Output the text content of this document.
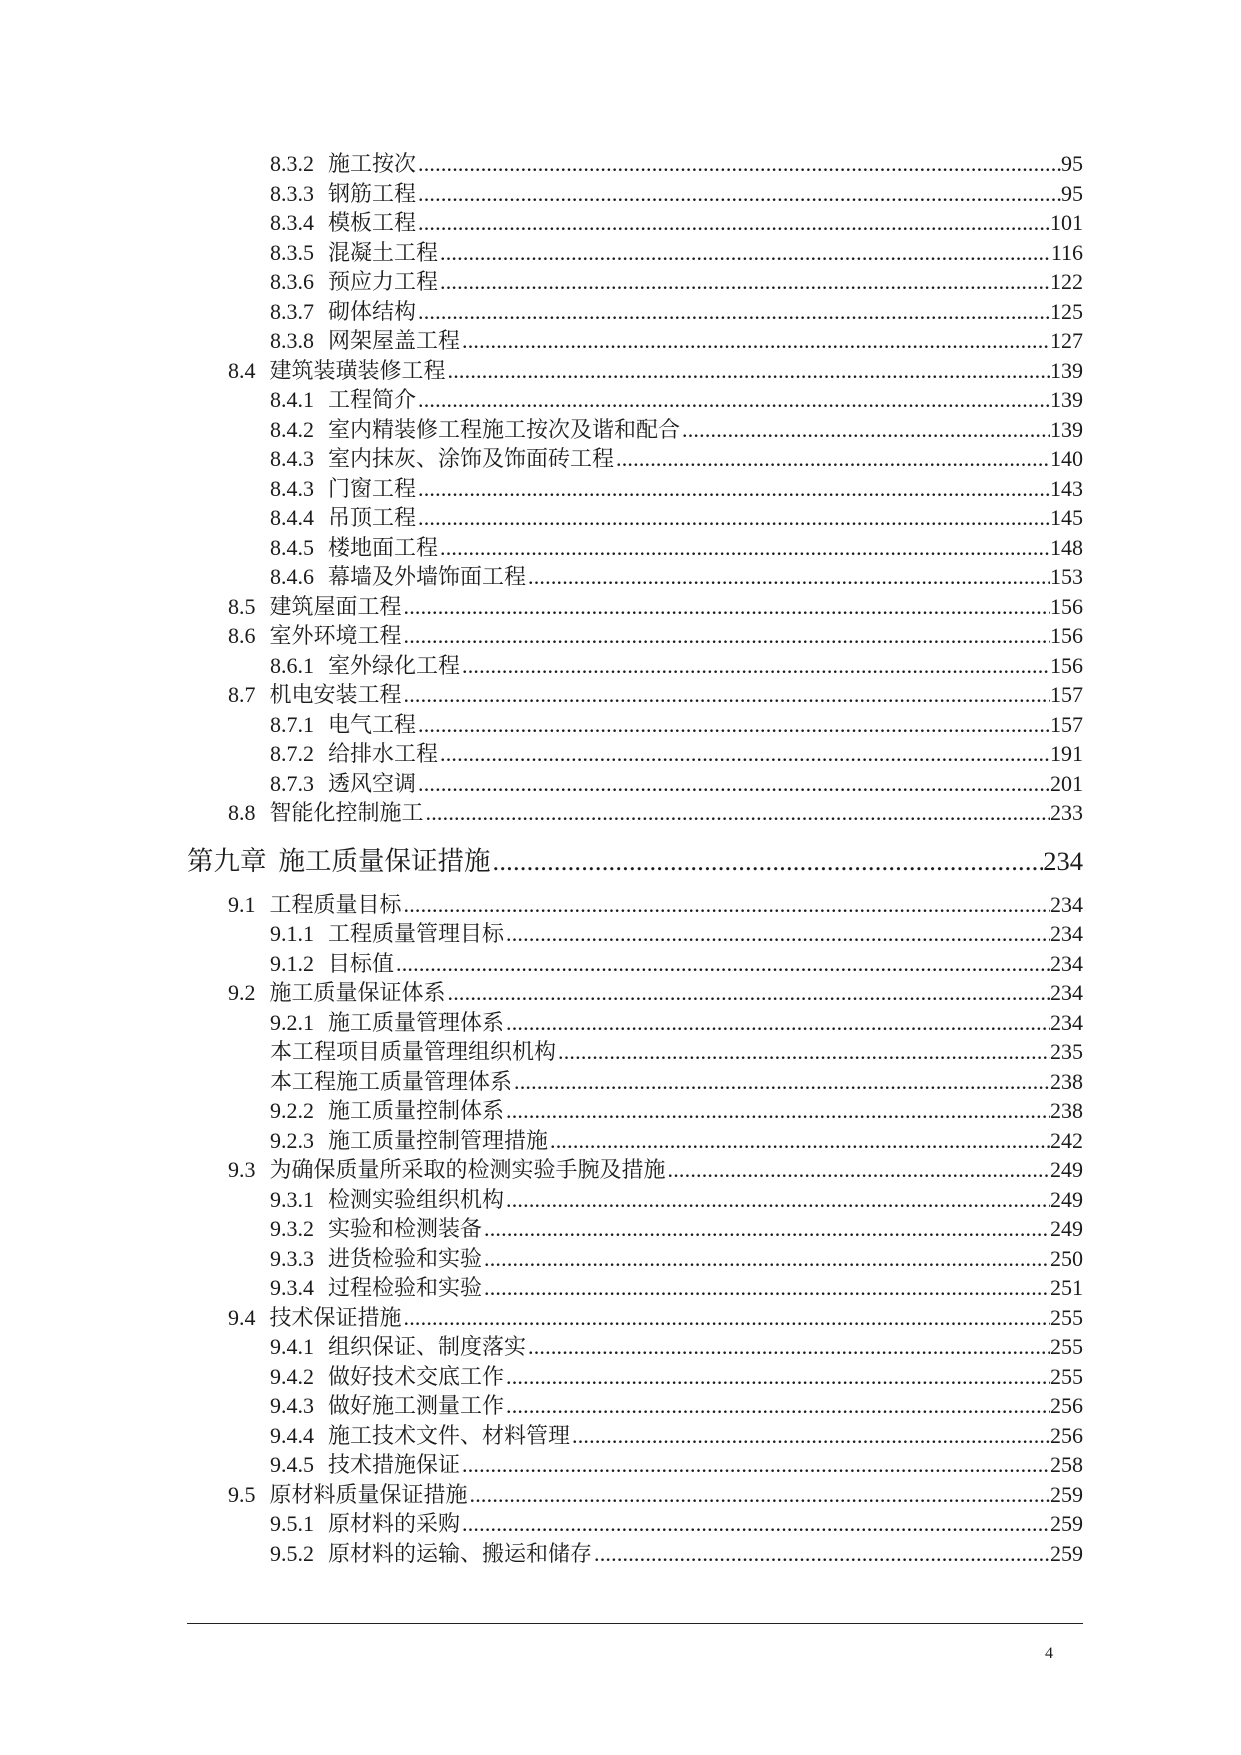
8.3.2 施工按次 .....	95
8.3.3 钢筋工程 .....	95
8.3.4 模板工程 .....	101
8.3.5 混凝土工程 .....	116
8.3.6 预应力工程 .....	122
8.3.7 砌体结构 .....	125
8.3.8 网架屋盖工程 .....	127
8.4 建筑装璜装修工程 .....	139
8.4.1 工程简介 .....	139
8.4.2 室内精装修工程施工按次及谐和配合 .....	139
8.4.3 室内抹灰、涂饰及饰面砖工程 .....	140
8.4.3 门窗工程 .....	143
8.4.4 吊顶工程 .....	145
8.4.5 楼地面工程 .....	148
8.4.6 幕墙及外墙饰面工程 .....	153
8.5 建筑屋面工程 .....	156
8.6 室外环境工程 .....	156
8.6.1 室外绿化工程 .....	156
8.7 机电安装工程 .....	157
8.7.1 电气工程 .....	157
8.7.2 给排水工程 .....	191
8.7.3 透风空调 .....	201
8.8 智能化控制施工 .....	233
第九章 施工质量保证措施 .....	234
9.1 工程质量目标 .....	234
9.1.1 工程质量管理目标 .....	234
9.1.2 目标值 .....	234
9.2 施工质量保证体系 .....	234
9.2.1 施工质量管理体系 .....	234
本工程项目质量管理组织机构 .....	235
本工程施工质量管理体系 .....	238
9.2.2 施工质量控制体系 .....	238
9.2.3 施工质量控制管理措施 .....	242
9.3 为确保质量所采取的检测实验手腕及措施 .....	249
9.3.1 检测实验组织机构 .....	249
9.3.2 实验和检测装备 .....	249
9.3.3 进货检验和实验 .....	250
9.3.4 过程检验和实验 .....	251
9.4 技术保证措施 .....	255
9.4.1 组织保证、制度落实 .....	255
9.4.2 做好技术交底工作 .....	255
9.4.3 做好施工测量工作 .....	256
9.4.4 施工技术文件、材料管理 .....	256
9.4.5 技术措施保证 .....	258
9.5 原材料质量保证措施 .....	259
9.5.1 原材料的采购 .....	259
9.5.2 原材料的运输、搬运和储存 .....	259
4
